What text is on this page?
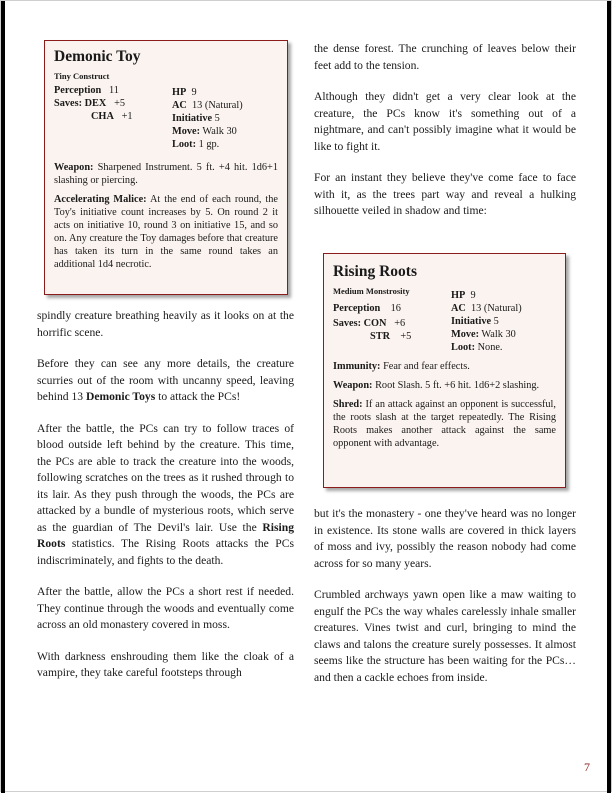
Demonic Toy
Tiny Construct
Perception 11
Saves: DEX +5
CHA +1
HP 9
AC 13 (Natural)
Initiative 5
Move: Walk 30
Loot: 1 gp.
Weapon: Sharpened Instrument. 5 ft. +4 hit. 1d6+1 slashing or piercing.
Accelerating Malice: At the end of each round, the Toy's initiative count increases by 5. On round 2 it acts on initiative 10, round 3 on initiative 15, and so on. Any creature the Toy damages before that creature has taken its turn in the same round takes an additional 1d4 necrotic.

spindly creature breathing heavily as it looks on at the horrific scene.

Before they can see any more details, the creature scurries out of the room with uncanny speed, leaving behind 13 Demonic Toys to attack the PCs!

After the battle, the PCs can try to follow traces of blood outside left behind by the creature. This time, the PCs are able to track the creature into the woods, following scratches on the trees as it rushed through to its lair. As they push through the woods, the PCs are attacked by a bundle of mysterious roots, which serve as the guardian of The Devil's lair. Use the Rising Roots statistics. The Rising Roots attacks the PCs indiscriminately, and fights to the death.

After the battle, allow the PCs a short rest if needed. They continue through the woods and eventually come across an old monastery covered in moss.

With darkness enshrouding them like the cloak of a vampire, they take careful footsteps through

the dense forest. The crunching of leaves below their feet add to the tension.

Although they didn't get a very clear look at the creature, the PCs know it's something out of a nightmare, and can't possibly imagine what it would be like to fight it.

For an instant they believe they've come face to face with it, as the trees part way and reveal a hulking silhouette veiled in shadow and time:

Rising Roots
Medium Monstrosity
Perception 16
Saves: CON +6
STR +5
HP 9
AC 13 (Natural)
Initiative 5
Move: Walk 30
Loot: None.
Immunity: Fear and fear effects.
Weapon: Root Slash. 5 ft. +6 hit. 1d6+2 slashing.
Shred: If an attack against an opponent is successful, the roots slash at the target repeatedly. The Rising Roots makes another attack against the same opponent with advantage.

but it's the monastery - one they've heard was no longer in existence. Its stone walls are covered in thick layers of moss and ivy, possibly the reason nobody had come across for so many years.

Crumbled archways yawn open like a maw waiting to engulf the PCs the way whales carelessly inhale smaller creatures. Vines twist and curl, bringing to mind the claws and talons the creature surely possesses. It almost seems like the structure has been waiting for the PCs… and then a cackle echoes from inside.

7
